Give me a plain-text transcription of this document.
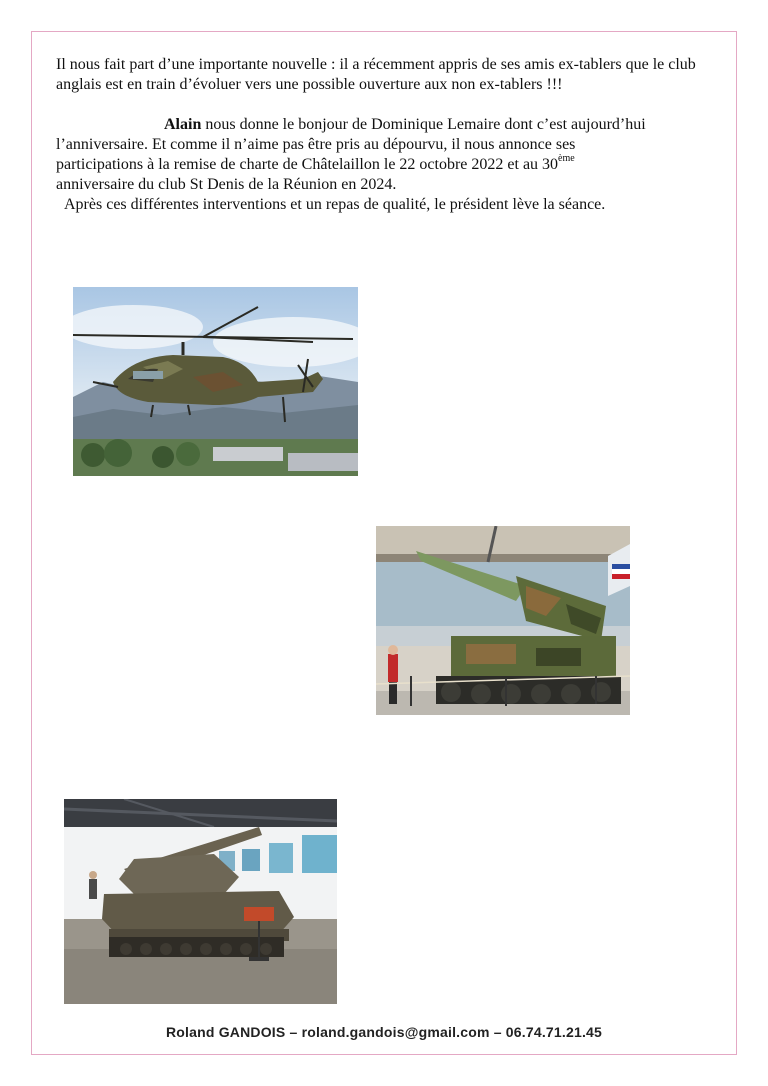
Il nous fait part d’une importante nouvelle : il a récemment appris de ses amis ex-tablers que le club anglais est en train d’évoluer vers une possible ouverture aux non ex-tablers !!!

Alain nous donne le bonjour de Dominique Lemaire dont c’est aujourd’hui
l’anniversaire. Et comme il n’aime pas être pris au dépourvu, il nous annonce ses
participations à la remise de charte de Châtelaillon le 22 octobre 2022 et au 30ème
anniversaire du club St Denis de la Réunion en 2024.

Après ces différentes interventions et un repas de qualité, le président lève la séance.

Roland GANDOIS – roland.gandois@gmail.com – 06.74.71.21.45
